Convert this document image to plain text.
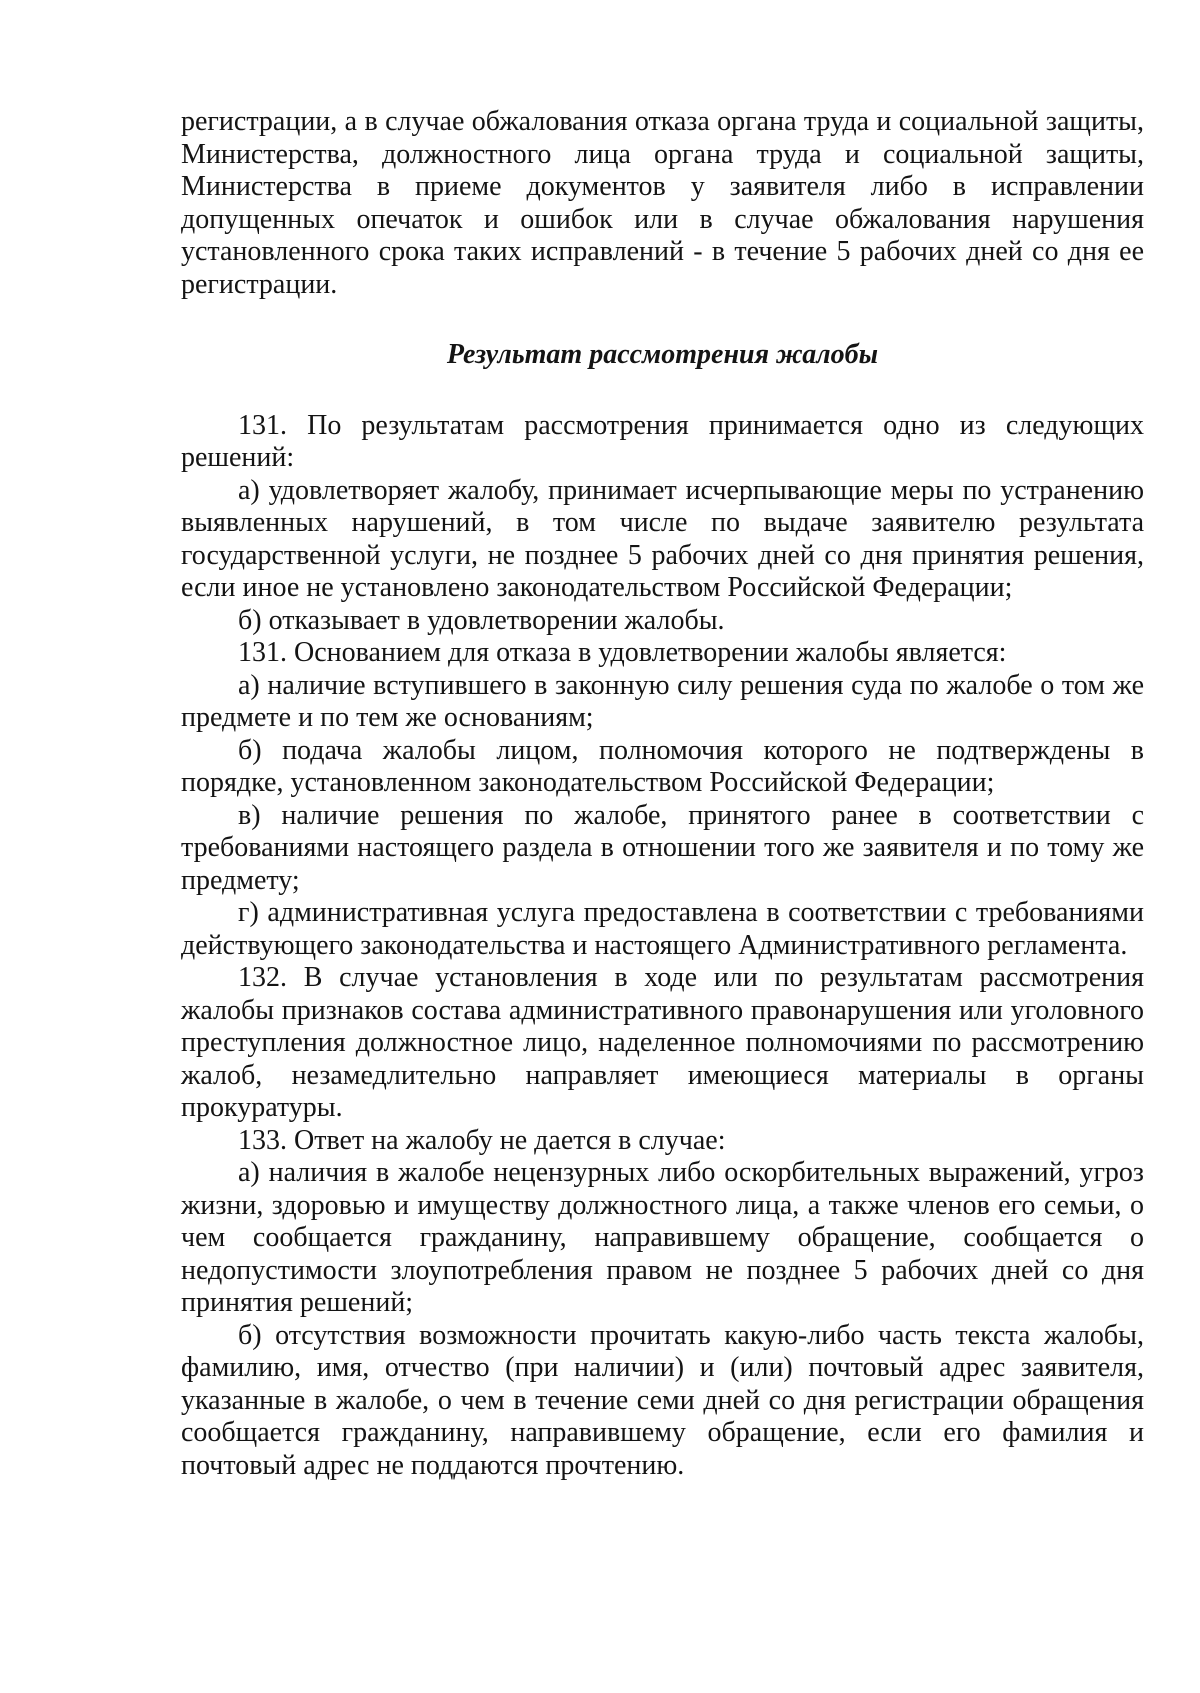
регистрации, а в случае обжалования отказа органа труда и социальной защиты, Министерства, должностного лица органа труда и социальной защиты, Министерства в приеме документов у заявителя либо в исправлении допущенных опечаток и ошибок или в случае обжалования нарушения установленного срока таких исправлений - в течение 5 рабочих дней со дня ее регистрации.

Результат рассмотрения жалобы

131. По результатам рассмотрения принимается одно из следующих решений:

а) удовлетворяет жалобу, принимает исчерпывающие меры по устранению выявленных нарушений, в том числе по выдаче заявителю результата государственной услуги, не позднее 5 рабочих дней со дня принятия решения, если иное не установлено законодательством Российской Федерации;

б) отказывает в удовлетворении жалобы.

131. Основанием для отказа в удовлетворении жалобы является:

а) наличие вступившего в законную силу решения суда по жалобе о том же предмете и по тем же основаниям;

б) подача жалобы лицом, полномочия которого не подтверждены в порядке, установленном законодательством Российской Федерации;

в) наличие решения по жалобе, принятого ранее в соответствии с требованиями настоящего раздела в отношении того же заявителя и по тому же предмету;

г) административная услуга предоставлена в соответствии с требованиями действующего законодательства и настоящего Административного регламента.

132. В случае установления в ходе или по результатам рассмотрения жалобы признаков состава административного правонарушения или уголовного преступления должностное лицо, наделенное полномочиями по рассмотрению жалоб, незамедлительно направляет имеющиеся материалы в органы прокуратуры.

133. Ответ на жалобу не дается в случае:

а) наличия в жалобе нецензурных либо оскорбительных выражений, угроз жизни, здоровью и имуществу должностного лица, а также членов его семьи, о чем сообщается гражданину, направившему обращение, сообщается о недопустимости злоупотребления правом не позднее 5 рабочих дней со дня принятия решений;

б) отсутствия возможности прочитать какую-либо часть текста жалобы, фамилию, имя, отчество (при наличии) и (или) почтовый адрес заявителя, указанные в жалобе, о чем в течение семи дней со дня регистрации обращения сообщается гражданину, направившему обращение, если его фамилия и почтовый адрес не поддаются прочтению.
